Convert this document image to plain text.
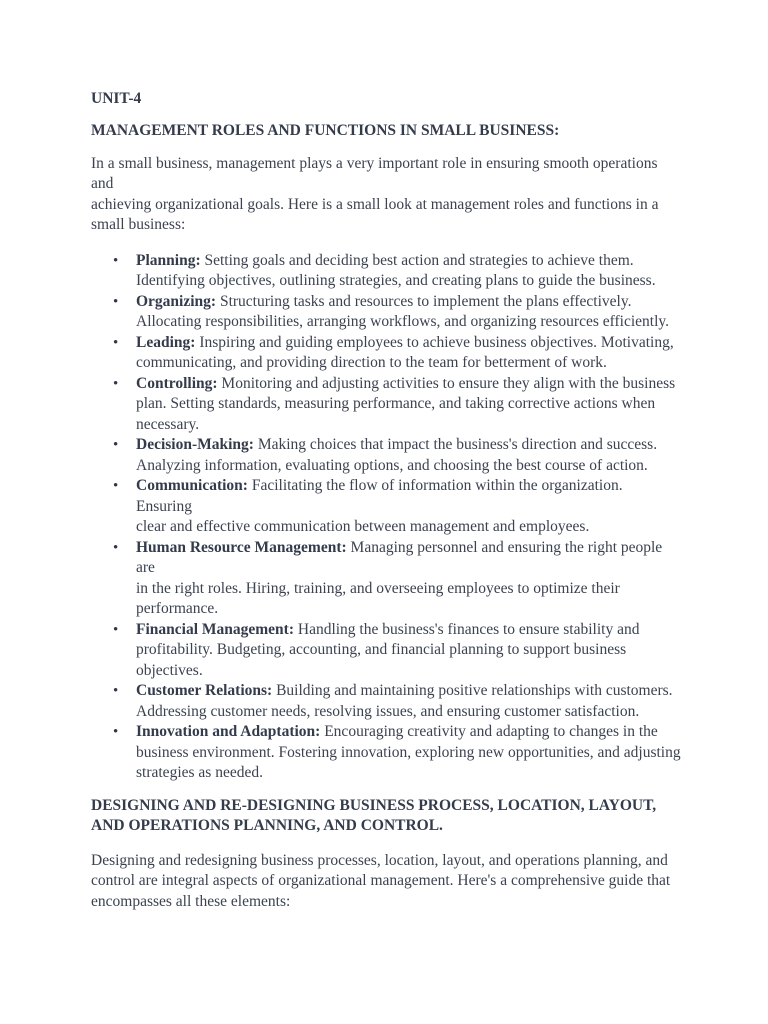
UNIT-4

MANAGEMENT ROLES AND FUNCTIONS IN SMALL BUSINESS:

In a small business, management plays a very important role in ensuring smooth operations and
achieving organizational goals. Here is a small look at management roles and functions in a
small business:

• Planning: Setting goals and deciding best action and strategies to achieve them.
Identifying objectives, outlining strategies, and creating plans to guide the business.
• Organizing: Structuring tasks and resources to implement the plans effectively.
Allocating responsibilities, arranging workflows, and organizing resources efficiently.
• Leading: Inspiring and guiding employees to achieve business objectives. Motivating,
communicating, and providing direction to the team for betterment of work.
• Controlling: Monitoring and adjusting activities to ensure they align with the business
plan. Setting standards, measuring performance, and taking corrective actions when
necessary.
• Decision-Making: Making choices that impact the business's direction and success.
Analyzing information, evaluating options, and choosing the best course of action.
• Communication: Facilitating the flow of information within the organization. Ensuring
clear and effective communication between management and employees.
• Human Resource Management: Managing personnel and ensuring the right people are
in the right roles. Hiring, training, and overseeing employees to optimize their
performance.
• Financial Management: Handling the business's finances to ensure stability and
profitability. Budgeting, accounting, and financial planning to support business
objectives.
• Customer Relations: Building and maintaining positive relationships with customers.
Addressing customer needs, resolving issues, and ensuring customer satisfaction.
• Innovation and Adaptation: Encouraging creativity and adapting to changes in the
business environment. Fostering innovation, exploring new opportunities, and adjusting
strategies as needed.

DESIGNING AND RE-DESIGNING BUSINESS PROCESS, LOCATION, LAYOUT,
AND OPERATIONS PLANNING, AND CONTROL.

Designing and redesigning business processes, location, layout, and operations planning, and
control are integral aspects of organizational management. Here's a comprehensive guide that
encompasses all these elements:
